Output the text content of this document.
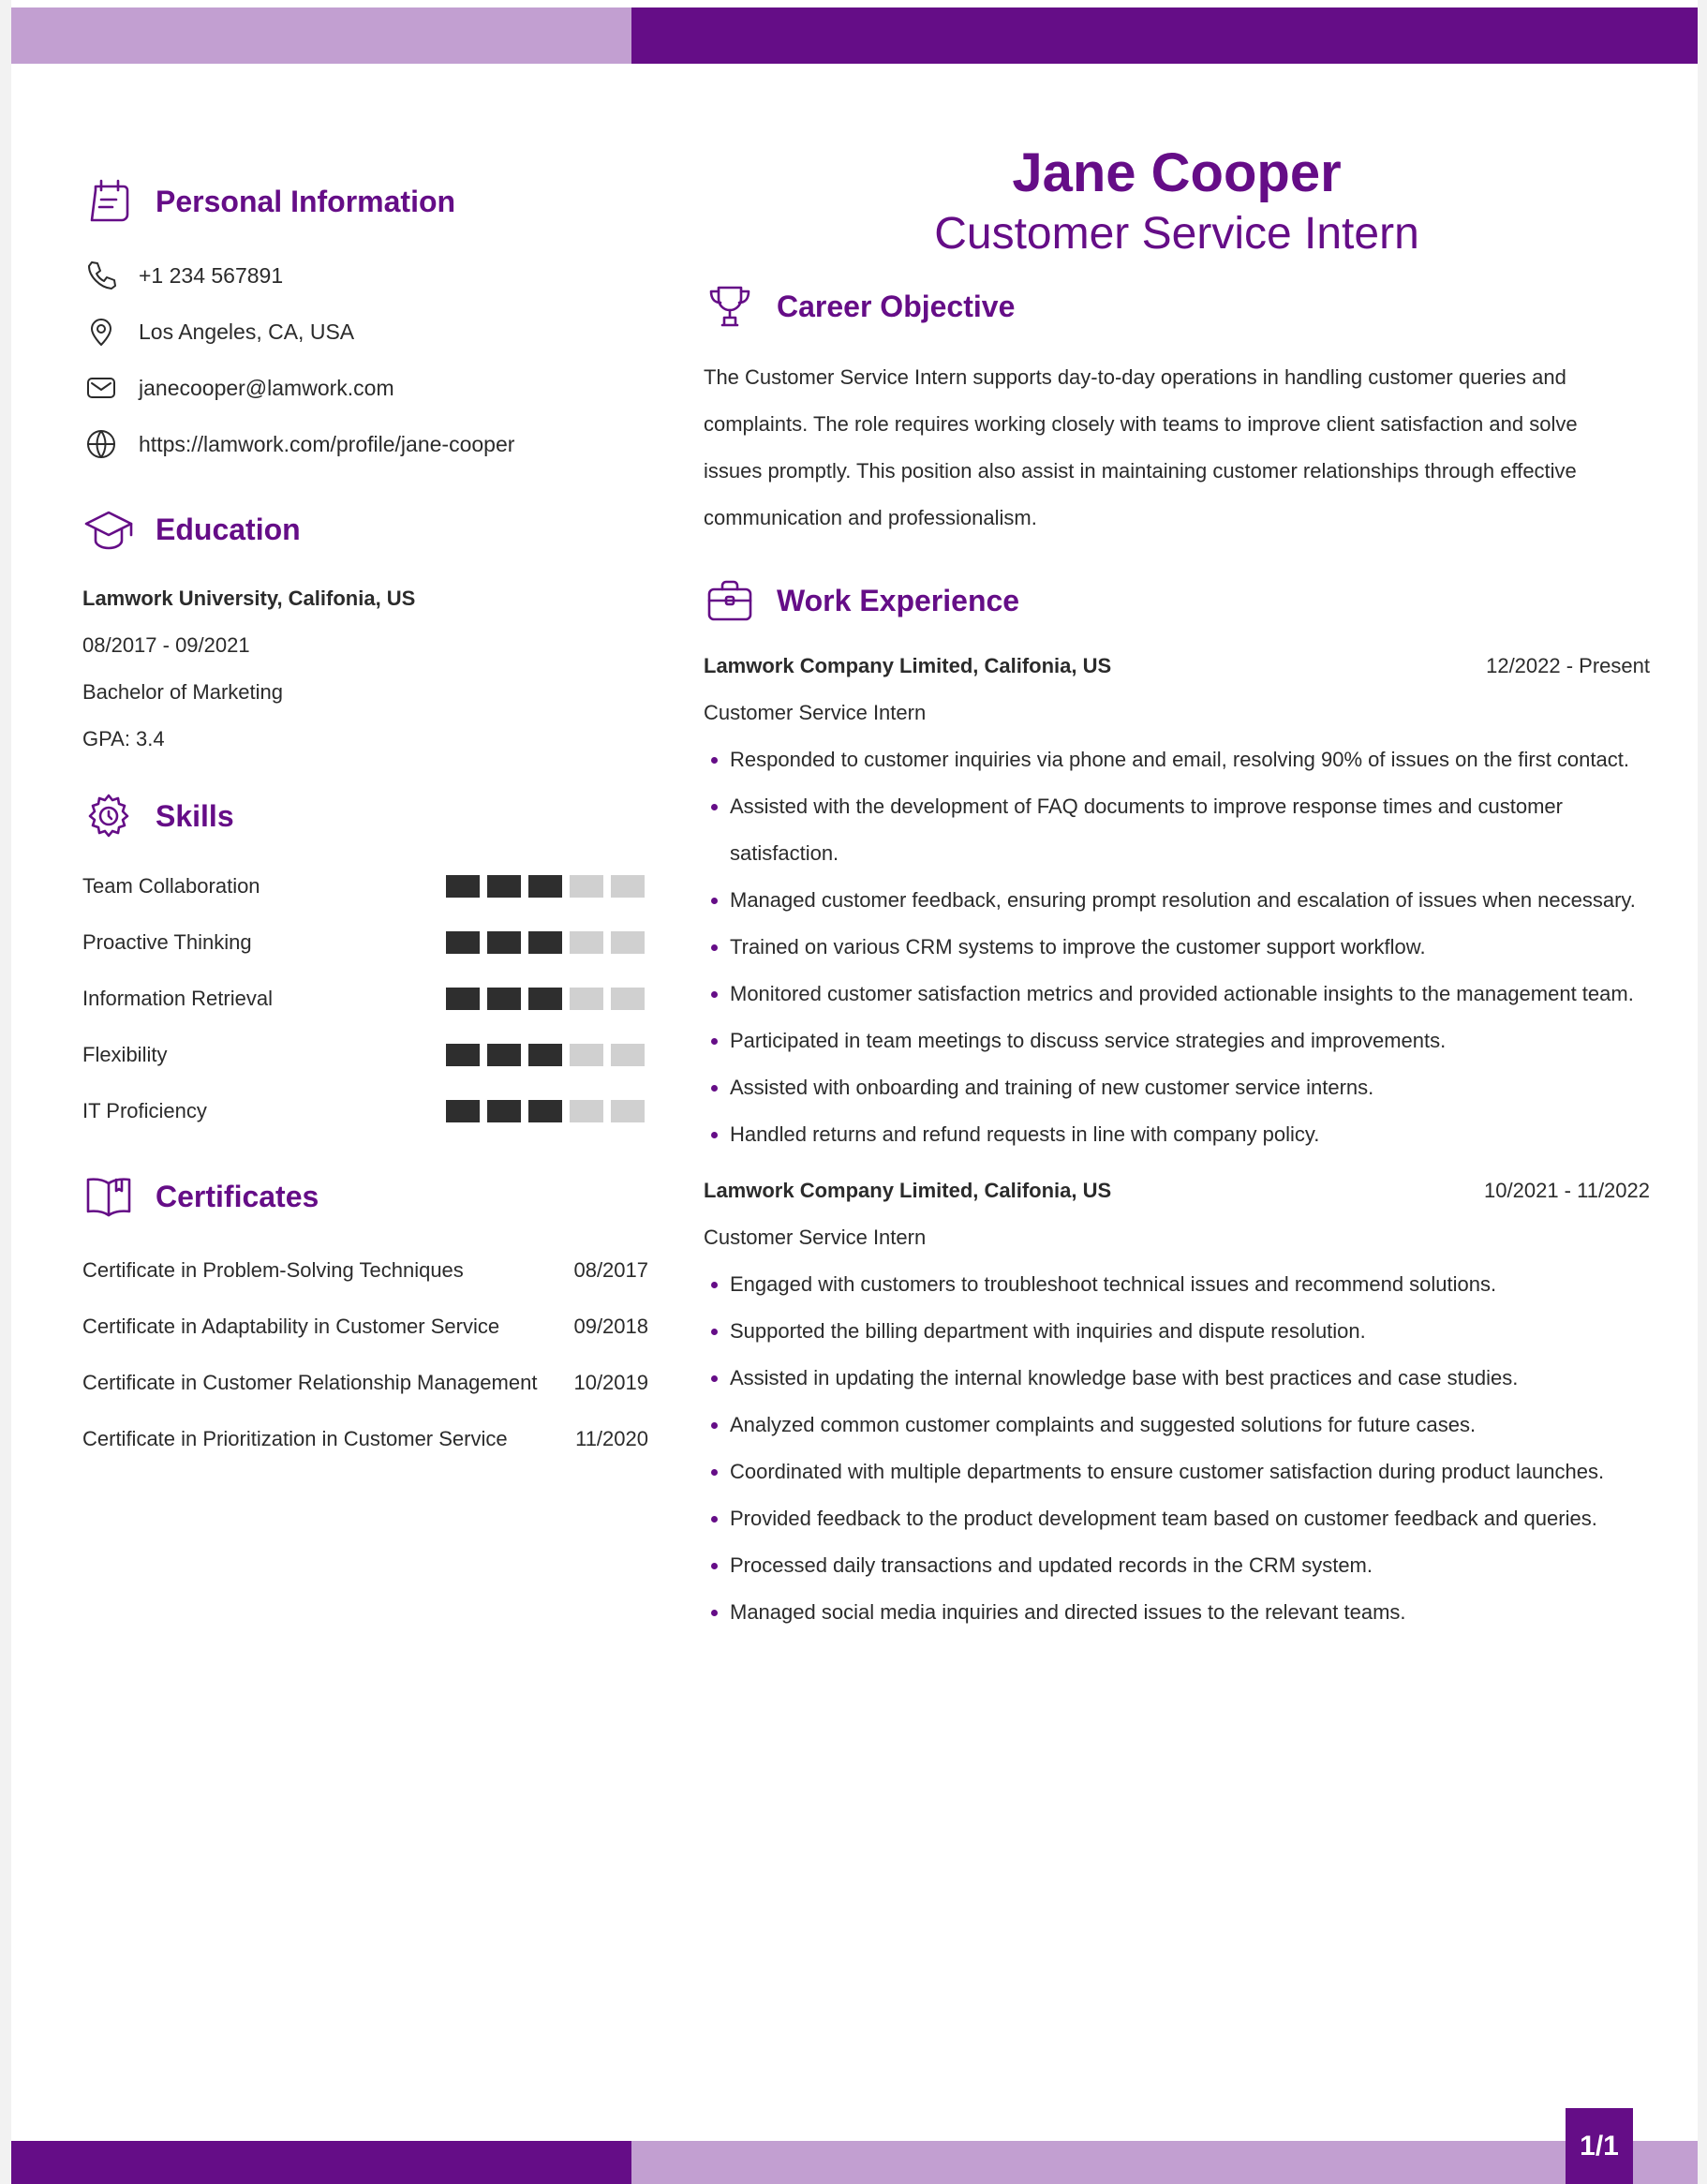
Personal Information
+1 234 567891
Los Angeles, CA, USA
janecooper@lamwork.com
https://lamwork.com/profile/jane-cooper
Education
Lamwork University, Califonia, US
08/2017 - 09/2021
Bachelor of Marketing
GPA: 3.4
Skills
Team Collaboration
Proactive Thinking
Information Retrieval
Flexibility
IT Proficiency
Certificates
Certificate in Problem-Solving Techniques	08/2017
Certificate in Adaptability in Customer Service	09/2018
Certificate in Customer Relationship Management 10/2019
Certificate in Prioritization in Customer Service	11/2020
Jane Cooper
Customer Service Intern
Career Objective
The Customer Service Intern supports day-to-day operations in handling customer queries and complaints. The role requires working closely with teams to improve client satisfaction and solve issues promptly. This position also assist in maintaining customer relationships through effective communication and professionalism.
Work Experience
Lamwork Company Limited, Califonia, US	12/2022 - Present
Customer Service Intern
Responded to customer inquiries via phone and email, resolving 90% of issues on the first contact.
Assisted with the development of FAQ documents to improve response times and customer satisfaction.
Managed customer feedback, ensuring prompt resolution and escalation of issues when necessary.
Trained on various CRM systems to improve the customer support workflow.
Monitored customer satisfaction metrics and provided actionable insights to the management team.
Participated in team meetings to discuss service strategies and improvements.
Assisted with onboarding and training of new customer service interns.
Handled returns and refund requests in line with company policy.
Lamwork Company Limited, Califonia, US	10/2021 - 11/2022
Customer Service Intern
Engaged with customers to troubleshoot technical issues and recommend solutions.
Supported the billing department with inquiries and dispute resolution.
Assisted in updating the internal knowledge base with best practices and case studies.
Analyzed common customer complaints and suggested solutions for future cases.
Coordinated with multiple departments to ensure customer satisfaction during product launches.
Provided feedback to the product development team based on customer feedback and queries.
Processed daily transactions and updated records in the CRM system.
Managed social media inquiries and directed issues to the relevant teams.
1/1
